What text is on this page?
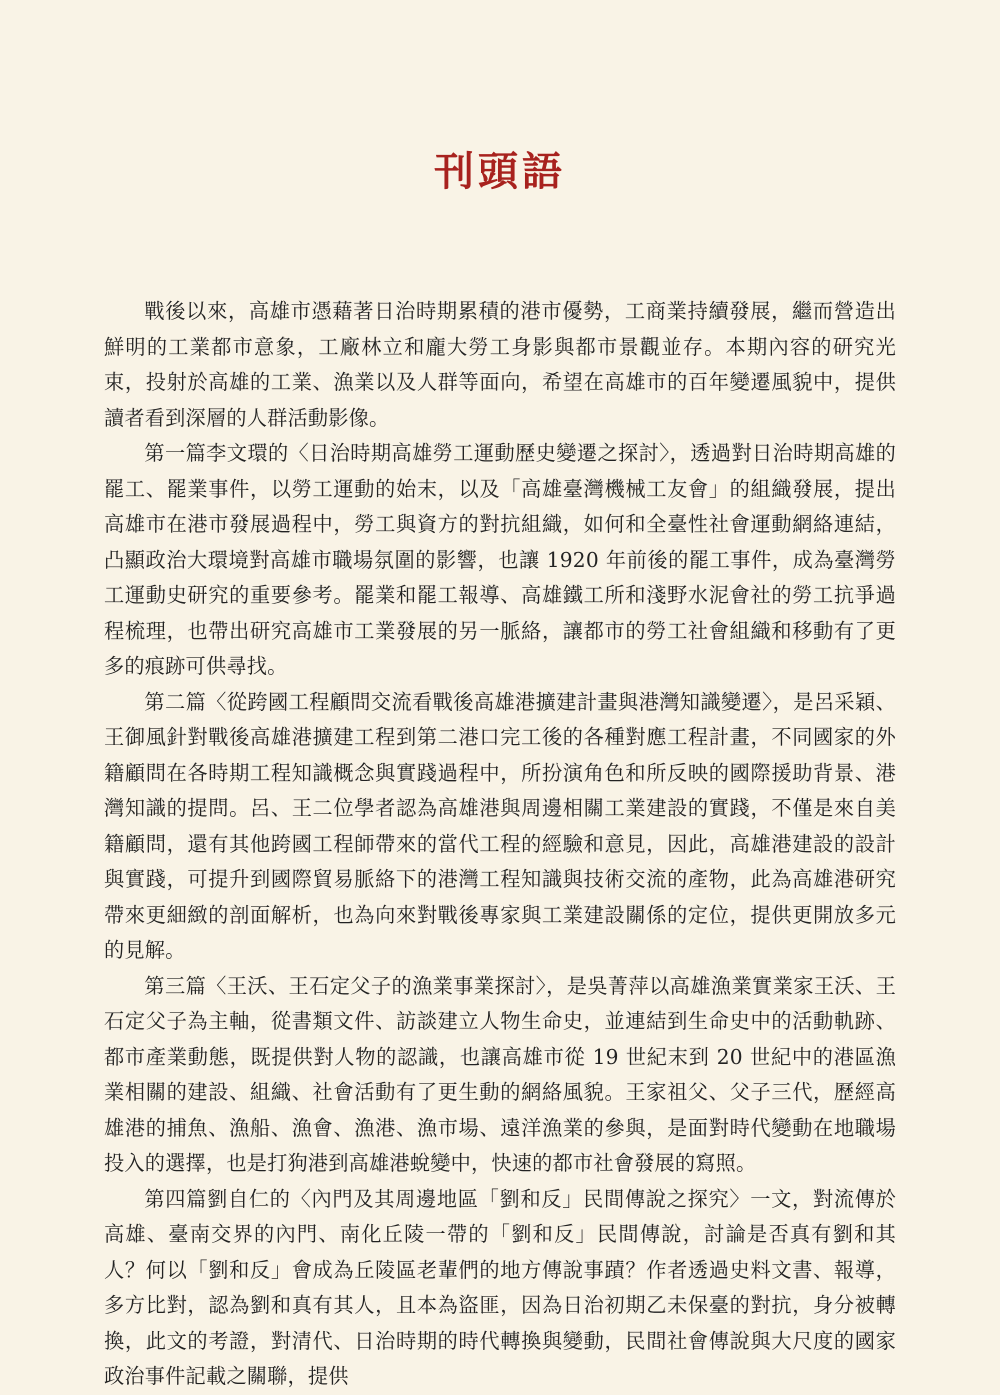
刊頭語

戰後以來，高雄市憑藉著日治時期累積的港市優勢，工商業持續發展，繼而營造出鮮明的工業都市意象，工廠林立和龐大勞工身影與都市景觀並存。本期內容的研究光束，投射於高雄的工業、漁業以及人群等面向，希望在高雄市的百年變遷風貌中，提供讀者看到深層的人群活動影像。

第一篇李文環的〈日治時期高雄勞工運動歷史變遷之探討〉，透過對日治時期高雄的罷工、罷業事件，以勞工運動的始末，以及「高雄臺灣機械工友會」的組織發展，提出高雄市在港市發展過程中，勞工與資方的對抗組織，如何和全臺性社會運動網絡連結，凸顯政治大環境對高雄市職場氛圍的影響，也讓 1920 年前後的罷工事件，成為臺灣勞工運動史研究的重要參考。罷業和罷工報導、高雄鐵工所和淺野水泥會社的勞工抗爭過程梳理，也帶出研究高雄市工業發展的另一脈絡，讓都市的勞工社會組織和移動有了更多的痕跡可供尋找。

第二篇〈從跨國工程顧問交流看戰後高雄港擴建計畫與港灣知識變遷〉，是呂采穎、王御風針對戰後高雄港擴建工程到第二港口完工後的各種對應工程計畫，不同國家的外籍顧問在各時期工程知識概念與實踐過程中，所扮演角色和所反映的國際援助背景、港灣知識的提問。呂、王二位學者認為高雄港與周邊相關工業建設的實踐，不僅是來自美籍顧問，還有其他跨國工程師帶來的當代工程的經驗和意見，因此，高雄港建設的設計與實踐，可提升到國際貿易脈絡下的港灣工程知識與技術交流的產物，此為高雄港研究帶來更細緻的剖面解析，也為向來對戰後專家與工業建設關係的定位，提供更開放多元的見解。

第三篇〈王沃、王石定父子的漁業事業探討〉，是吳菁萍以高雄漁業實業家王沃、王石定父子為主軸，從書類文件、訪談建立人物生命史，並連結到生命史中的活動軌跡、都市產業動態，既提供對人物的認識，也讓高雄市從 19 世紀末到 20 世紀中的港區漁業相關的建設、組織、社會活動有了更生動的網絡風貌。王家祖父、父子三代，歷經高雄港的捕魚、漁船、漁會、漁港、漁市場、遠洋漁業的參與，是面對時代變動在地職場投入的選擇，也是打狗港到高雄港蛻變中，快速的都市社會發展的寫照。

第四篇劉自仁的〈內門及其周邊地區「劉和反」民間傳說之探究〉一文，對流傳於高雄、臺南交界的內門、南化丘陵一帶的「劉和反」民間傳說，討論是否真有劉和其人？何以「劉和反」會成為丘陵區老輩們的地方傳說事蹟？作者透過史料文書、報導，多方比對，認為劉和真有其人，且本為盜匪，因為日治初期乙未保臺的對抗，身分被轉換，此文的考證，對清代、日治時期的時代轉換與變動，民間社會傳說與大尺度的國家政治事件記載之關聯，提供
